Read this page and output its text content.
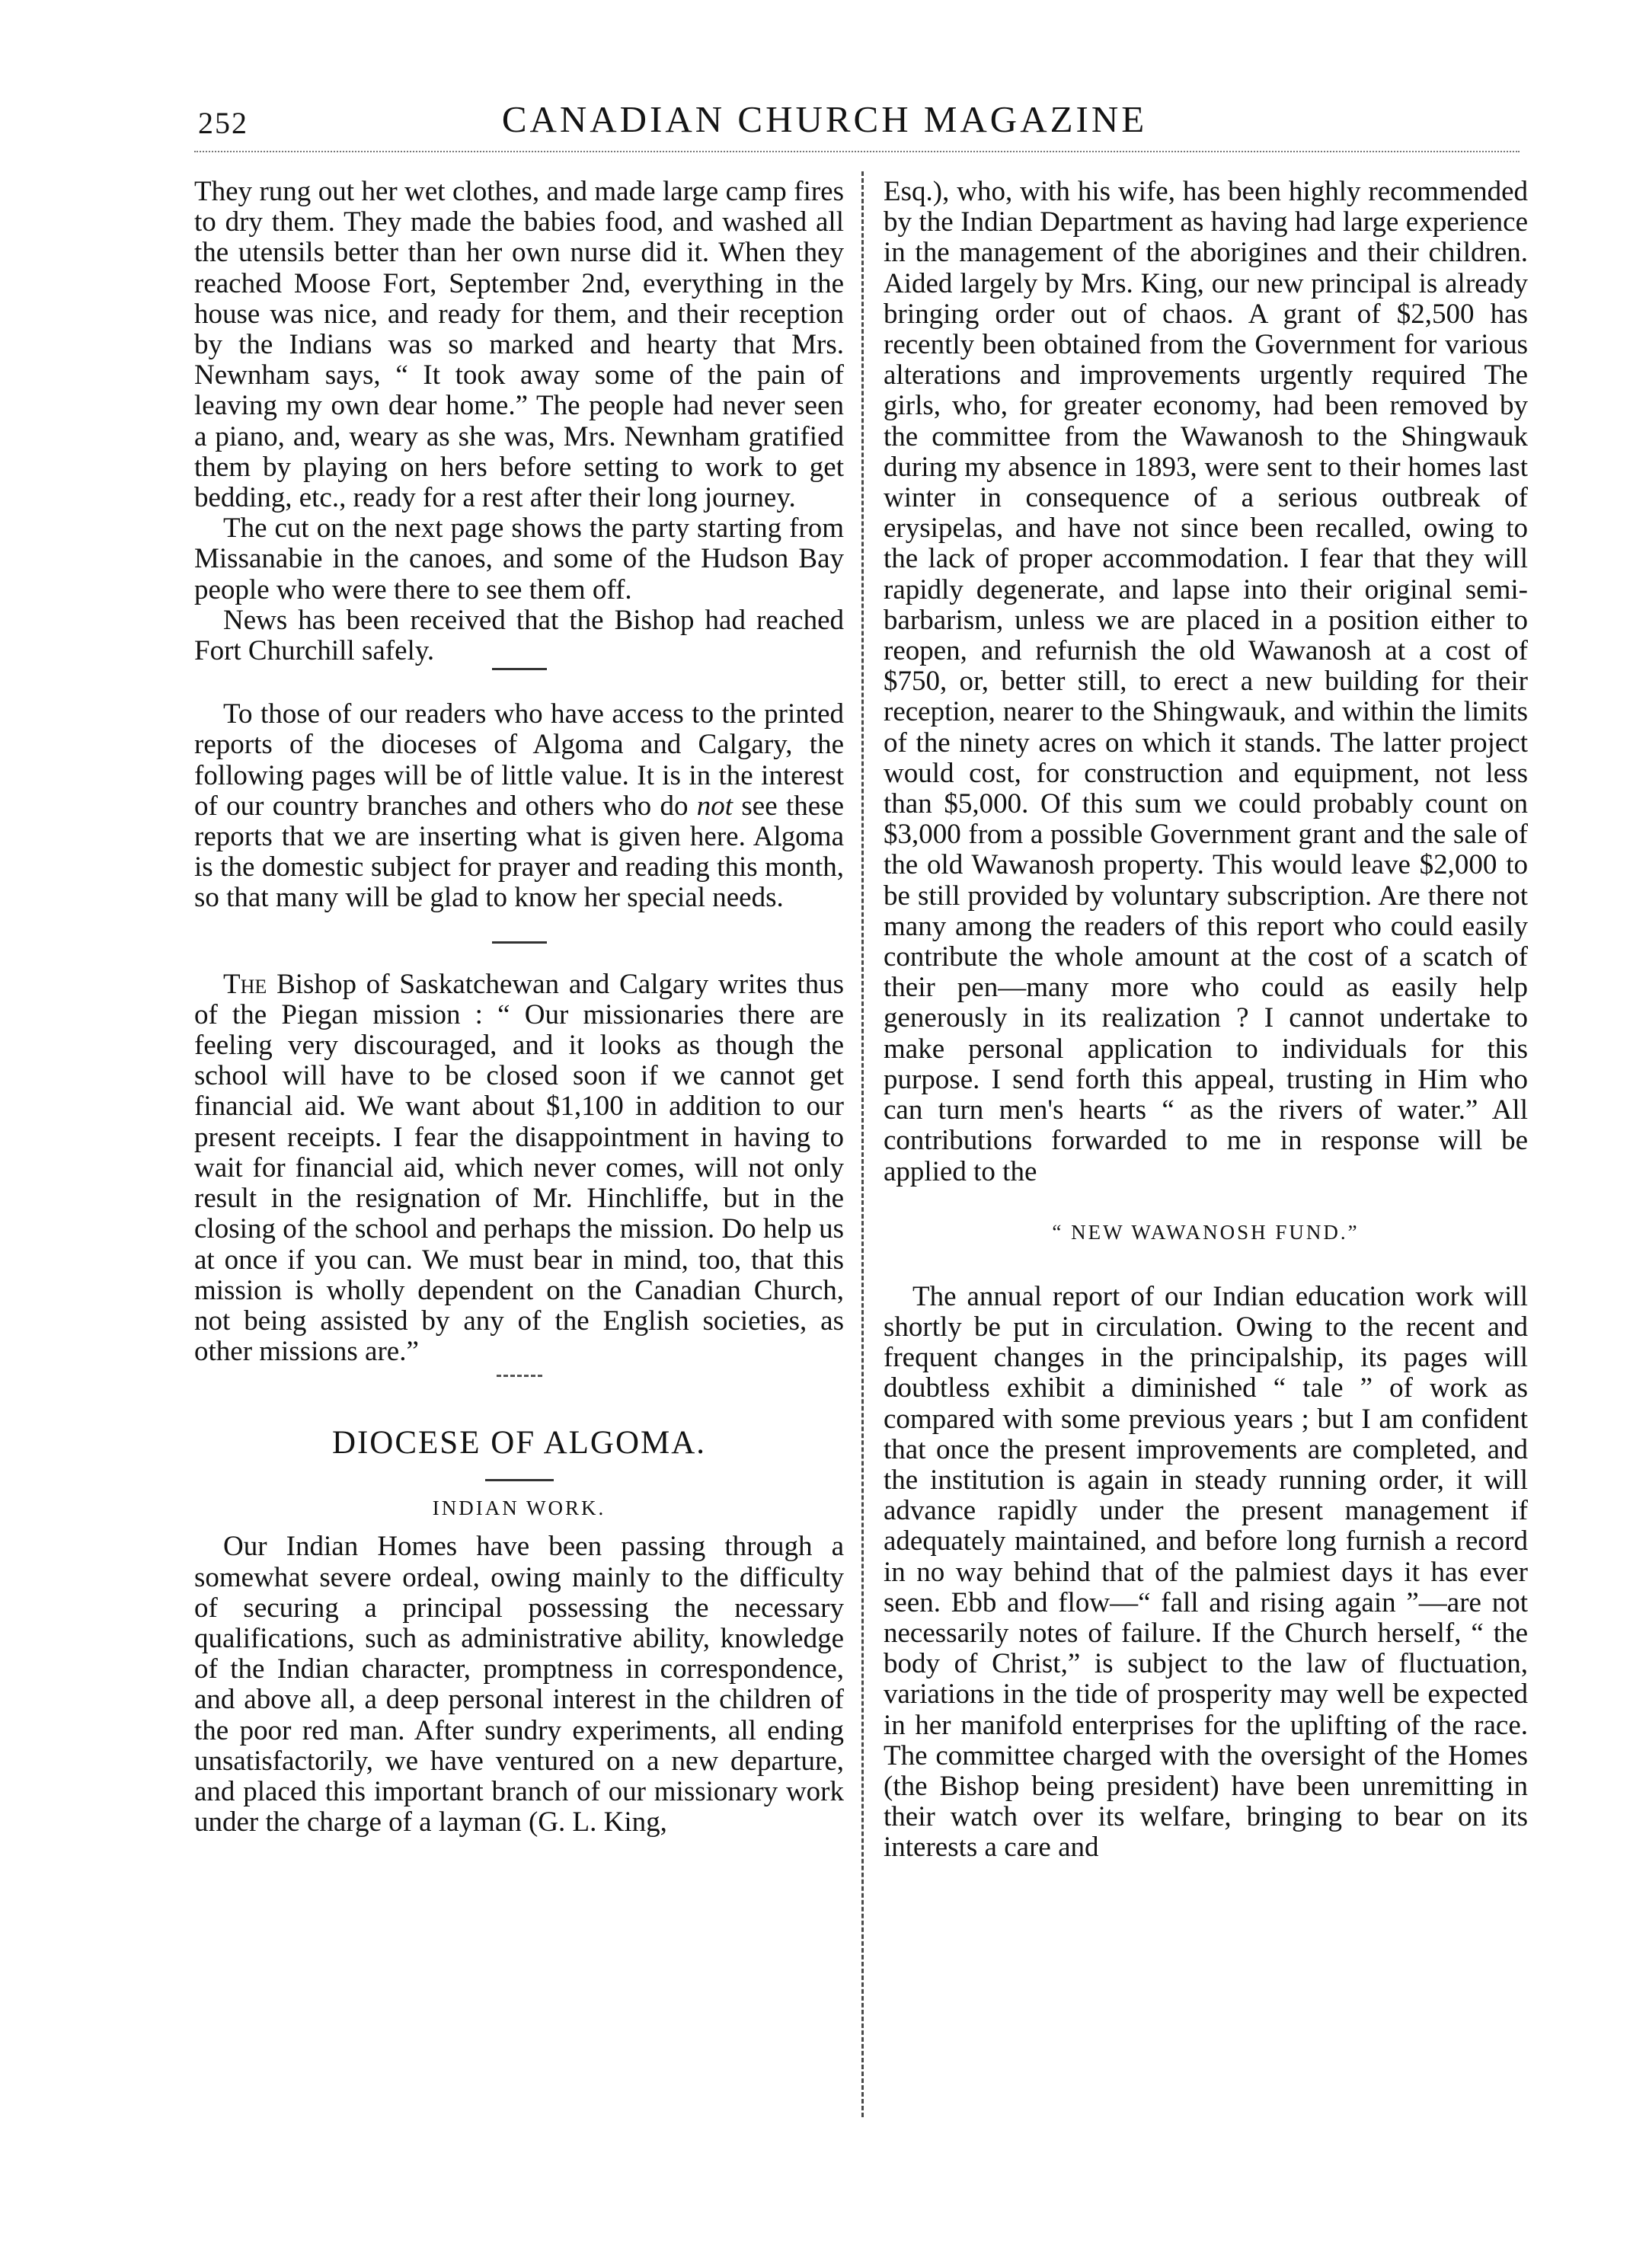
252	CANADIAN CHURCH MAGAZINE

They rung out her wet clothes, and made large camp fires to dry them. They made the babies food, and washed all the utensils better than her own nurse did it. When they reached Moose Fort, September 2nd, everything in the house was nice, and ready for them, and their reception by the Indians was so marked and hearty that Mrs. Newnham says, “ It took away some of the pain of leaving my own dear home.” The people had never seen a piano, and, weary as she was, Mrs. Newnham gratified them by playing on hers before setting to work to get bedding, etc., ready for a rest after their long journey.

The cut on the next page shows the party starting from Missanabie in the canoes, and some of the Hudson Bay people who were there to see them off.

News has been received that the Bishop had reached Fort Churchill safely.

To those of our readers who have access to the printed reports of the dioceses of Algoma and Calgary, the following pages will be of little value. It is in the interest of our country branches and others who do not see these reports that we are inserting what is given here. Algoma is the domestic subject for prayer and reading this month, so that many will be glad to know her special needs.

The Bishop of Saskatchewan and Calgary writes thus of the Piegan mission : “ Our missionaries there are feeling very discouraged, and it looks as though the school will have to be closed soon if we cannot get financial aid. We want about $1,100 in addition to our present receipts. I fear the disappointment in having to wait for financial aid, which never comes, will not only result in the resignation of Mr. Hinchliffe, but in the closing of the school and perhaps the mission. Do help us at once if you can. We must bear in mind, too, that this mission is wholly dependent on the Canadian Church, not being assisted by any of the English societies, as other missions are.”

DIOCESE OF ALGOMA.
INDIAN WORK.

Our Indian Homes have been passing through a somewhat severe ordeal, owing mainly to the difficulty of securing a principal possessing the necessary qualifications, such as administrative ability, knowledge of the Indian character, promptness in correspondence, and above all, a deep personal interest in the children of the poor red man. After sundry experiments, all ending unsatisfactorily, we have ventured on a new departure, and placed this important branch of our missionary work under the charge of a layman (G. L. King,

Esq.), who, with his wife, has been highly recommended by the Indian Department as having had large experience in the management of the aborigines and their children. Aided largely by Mrs. King, our new principal is already bringing order out of chaos. A grant of $2,500 has recently been obtained from the Government for various alterations and improvements urgently required The girls, who, for greater economy, had been removed by the committee from the Wawanosh to the Shingwauk during my absence in 1893, were sent to their homes last winter in consequence of a serious outbreak of erysipelas, and have not since been recalled, owing to the lack of proper accommodation. I fear that they will rapidly degenerate, and lapse into their original semi-barbarism, unless we are placed in a position either to reopen, and refurnish the old Wawanosh at a cost of $750, or, better still, to erect a new building for their reception, nearer to the Shingwauk, and within the limits of the ninety acres on which it stands. The latter project would cost, for construction and equipment, not less than $5,000. Of this sum we could probably count on $3,000 from a possible Government grant and the sale of the old Wawanosh property. This would leave $2,000 to be still provided by voluntary subscription. Are there not many among the readers of this report who could easily contribute the whole amount at the cost of a scatch of their pen—many more who could as easily help generously in its realization ? I cannot undertake to make personal application to individuals for this purpose. I send forth this appeal, trusting in Him who can turn men's hearts “ as the rivers of water.” All contributions forwarded to me in response will be applied to the

“ NEW WAWANOSH FUND.”

The annual report of our Indian education work will shortly be put in circulation. Owing to the recent and frequent changes in the principalship, its pages will doubtless exhibit a diminished “ tale ” of work as compared with some previous years ; but I am confident that once the present improvements are completed, and the institution is again in steady running order, it will advance rapidly under the present management if adequately maintained, and before long furnish a record in no way behind that of the palmiest days it has ever seen. Ebb and flow—“ fall and rising again ”—are not necessarily notes of failure. If the Church herself, “ the body of Christ,” is subject to the law of fluctuation, variations in the tide of prosperity may well be expected in her manifold enterprises for the uplifting of the race. The committee charged with the oversight of the Homes (the Bishop being president) have been unremitting in their watch over its welfare, bringing to bear on its interests a care and
